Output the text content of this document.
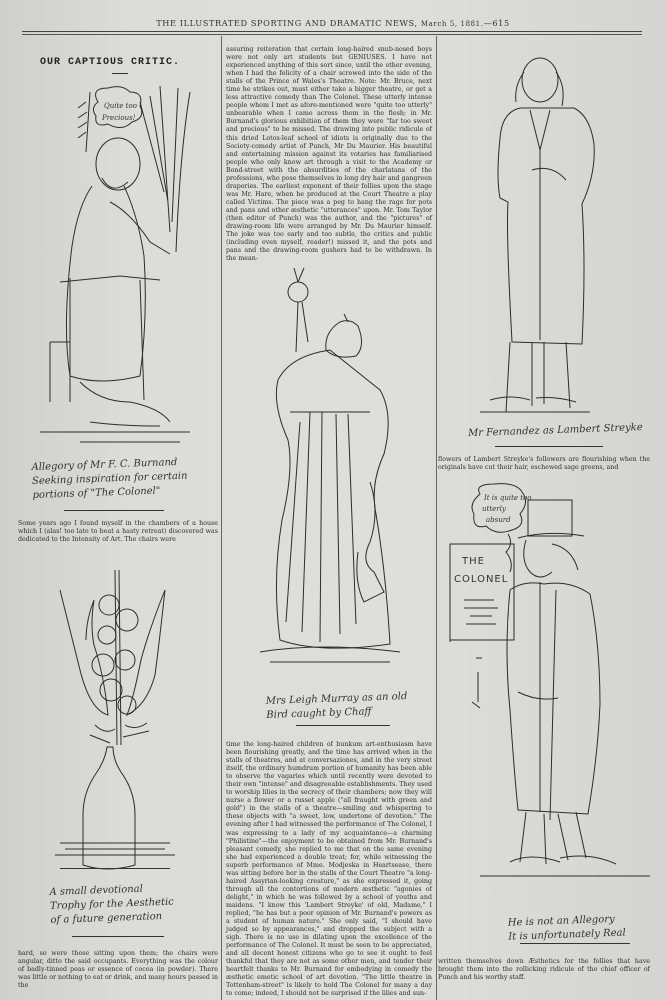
THE ILLUSTRATED SPORTING AND DRAMATIC NEWS, March 5, 1881.—615
OUR CAPTIOUS CRITIC.
Quite too
Precious!
Allegory of Mr F. C. Burnand
Seeking inspiration for certain
portions of "The Colonel"

Some years ago I found myself in the chambers of a house which I (alas! too late to beat a hasty retreat) discovered was dedicated to the Intensity of Art. The chairs were

A small devotional
Trophy for the Aesthetic
of a future generation

hard, so were those sitting upon them; the chairs were angular, ditto the said occupants. Everything was the colour of badly-tinned peas or essence of cocoa (in powder). There was little or nothing to eat or drink, and many hours passed in the

assuring reiteration that certain long-haired snub-nosed boys were not only art students but GENIUSES. I have not experienced anything of this sort since, until the other evening, when I had the felicity of a chair screwed into the side of the stalls of the Prince of Wales's Theatre. Note: Mr. Bruce, next time he strikes out, must either take a bigger theatre, or get a less attractive comedy than The Colonel. These utterly intense people whom I met as afore-mentioned were "quite too utterly" unbearable when I came across them in the flesh; in Mr. Burnand's glorious exhibition of them they were "far too sweet and precious" to be missed. The drawing into public ridicule of this dried Lotos-leaf school of idiots is originally due to the Society-comedy artist of Punch, Mr Du Maurier. His beautiful and entertaining mission against its votaries has familiarised people who only know art through a visit to the Academy or Bond-street with the absurdities of the charlatans of the professions, who pose themselves in long dry hair and gangreen draperies. The earliest exponent of their follies upon the stage was Mr. Hare, when he produced at the Court Theatre a play called Victims. The piece was a peg to hang the rage for pots and pans and other æsthetic "utterances" upon. Mr. Tom Taylor (then editor of Punch) was the author, and the "pictures" of drawing-room life were arranged by Mr. Du Maurier himself. The joke was too early and too subtle, the critics and public (including even myself, reader!) missed it, and the pots and pans and the drawing-room gushers had to be withdrawn. In the mean-

Mrs Leigh Murray as an old
Bird caught by Chaff

time the long-haired children of bunkum art-enthusiasm have been flourishing greatly, and the time has arrived when in the stalls of theatres, and at conversaziones, and in the very street itself, the ordinary humdrum portion of humanity has been able to observe the vagaries which until recently were devoted to their own "intense" and disagreeable establishments. They used to worship lilies in the secrecy of their chambers; now they will nurse a flower or a russet apple ("all fraught with green and gold") in the stalls of a theatre—smiling and whispering to these objects with "a sweet, low, undertone of devotion." The evening after I had witnessed the performance of The Colonel, I was expressing to a lady of my acquaintance—a charming "Philistine"—the enjoyment to be obtained from Mr. Burnand's pleasant comedy, she replied to me that on the same evening she had experienced a double treat; for, while witnessing the superb performance of Mme. Modjeska in Heartsease, there was sitting before her in the stalls of the Court Theatre "a long-haired Assyrian-looking creature," as she expressed it, going through all the contortions of modern æsthetic "agonies of delight," in which he was followed by a school of youths and maidens. "I know this 'Lambert Streyke' of old, Madame," I replied, "he has but a poor opinion of Mr. Burnand's powers as a student of human nature." She only said, "I should have judged so by appearances," and dropped the subject with a sigh. There is no use in dilating upon the excellence of the performance of The Colonel. It must be seen to be appreciated, and all decent honest citizens who go to see it ought to feel thankful that they are not as some other men, and tender their heartfelt thanks to Mr. Burnand for embodying in comedy the æsthetic emetic school of art devotion. "The little theatre in Tottenham-street" is likely to hold The Colonel for many a day to come; indeed, I should not be surprised if the lilies and sun-

Mr Fernandez as Lambert Streyke

flowers of Lambert Streyke's followers are flourishing when the originals have cut their hair, eschewed sage greens, and

It is quite too
utterly
absurd
THE
COLONEL
He is not an Allegory
It is unfortunately Real

written themselves down Æsthetics for the follies that have brought them into the rollicking ridicule of the chief officer of Punch and his worthy staff.
